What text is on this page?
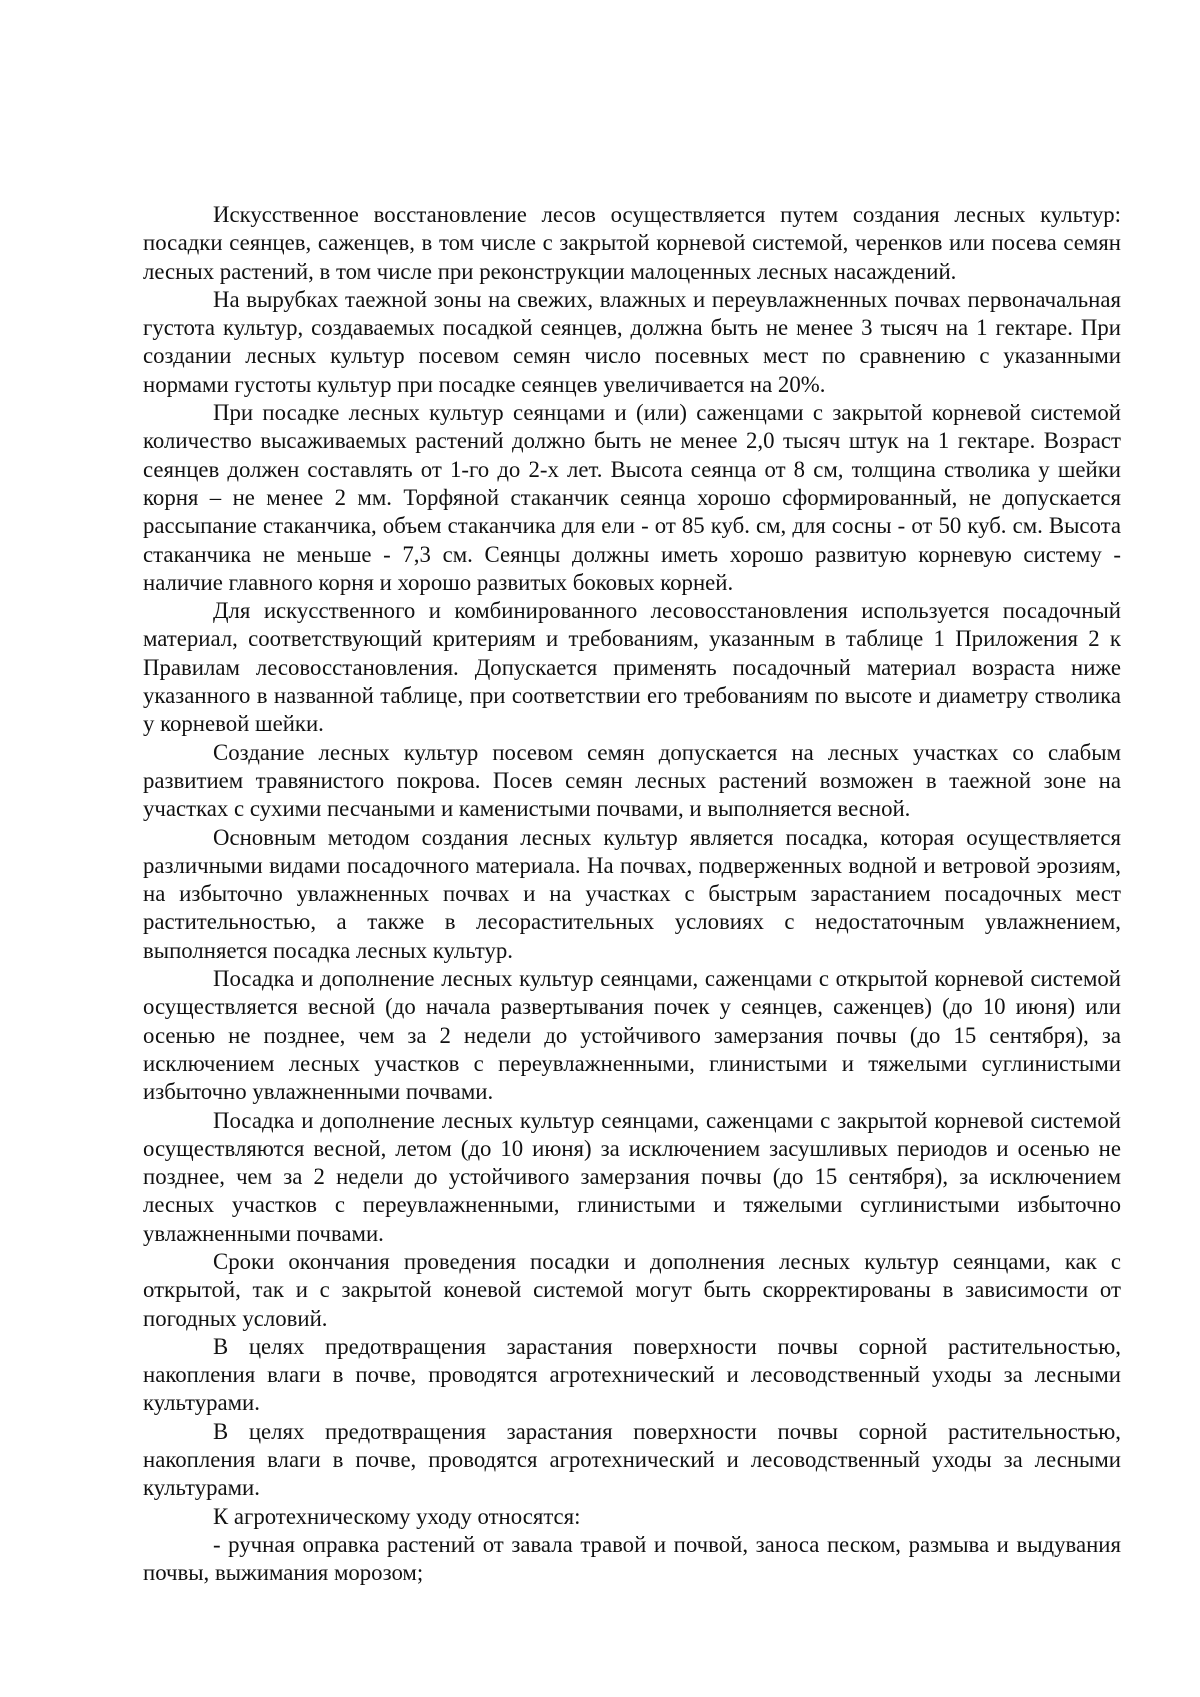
Искусственное восстановление лесов осуществляется путем создания лесных культур: посадки сеянцев, саженцев, в том числе с закрытой корневой системой, черенков или посева семян лесных растений, в том числе при реконструкции малоценных лесных насаждений.

На вырубках таежной зоны на свежих, влажных и переувлажненных почвах первоначальная густота культур, создаваемых посадкой сеянцев, должна быть не менее 3 тысяч на 1 гектаре. При создании лесных культур посевом семян число посевных мест по сравнению с указанными нормами густоты культур при посадке сеянцев увеличивается на 20%.

При посадке лесных культур сеянцами и (или) саженцами с закрытой корневой системой количество высаживаемых растений должно быть не менее 2,0 тысяч штук на 1 гектаре. Возраст сеянцев должен составлять от 1-го до 2-х лет. Высота сеянца от 8 см, толщина стволика у шейки корня – не менее 2 мм. Торфяной стаканчик сеянца хорошо сформированный, не допускается рассыпание стаканчика, объем стаканчика для ели - от 85 куб. см, для сосны - от 50 куб. см. Высота стаканчика не меньше - 7,3 см. Сеянцы должны иметь хорошо развитую корневую систему - наличие главного корня и хорошо развитых боковых корней.

Для искусственного и комбинированного лесовосстановления используется посадочный материал, соответствующий критериям и требованиям, указанным в таблице 1 Приложения 2 к Правилам лесовосстановления. Допускается применять посадочный материал возраста ниже указанного в названной таблице, при соответствии его требованиям по высоте и диаметру стволика у корневой шейки.

Создание лесных культур посевом семян допускается на лесных участках со слабым развитием травянистого покрова. Посев семян лесных растений возможен в таежной зоне на участках с сухими песчаными и каменистыми почвами, и выполняется весной.

Основным методом создания лесных культур является посадка, которая осуществляется различными видами посадочного материала. На почвах, подверженных водной и ветровой эрозиям, на избыточно увлажненных почвах и на участках с быстрым зарастанием посадочных мест растительностью, а также в лесорастительных условиях с недостаточным увлажнением, выполняется посадка лесных культур.

Посадка и дополнение лесных культур сеянцами, саженцами с открытой корневой системой осуществляется весной (до начала развертывания почек у сеянцев, саженцев) (до 10 июня) или осенью не позднее, чем за 2 недели до устойчивого замерзания почвы (до 15 сентября), за исключением лесных участков с переувлажненными, глинистыми и тяжелыми суглинистыми избыточно увлажненными почвами.

Посадка и дополнение лесных культур сеянцами, саженцами с закрытой корневой системой осуществляются весной, летом (до 10 июня) за исключением засушливых периодов и осенью не позднее, чем за 2 недели до устойчивого замерзания почвы (до 15 сентября), за исключением лесных участков с переувлажненными, глинистыми и тяжелыми суглинистыми избыточно увлажненными почвами.

Сроки окончания проведения посадки и дополнения лесных культур сеянцами, как с открытой, так и с закрытой коневой системой могут быть скорректированы в зависимости от погодных условий.

В целях предотвращения зарастания поверхности почвы сорной растительностью, накопления влаги в почве, проводятся агротехнический и лесоводственный уходы за лесными культурами.

В целях предотвращения зарастания поверхности почвы сорной растительностью, накопления влаги в почве, проводятся агротехнический и лесоводственный уходы за лесными культурами.

К агротехническому уходу относятся:

- ручная оправка растений от завала травой и почвой, заноса песком, размыва и выдувания почвы, выжимания морозом;
